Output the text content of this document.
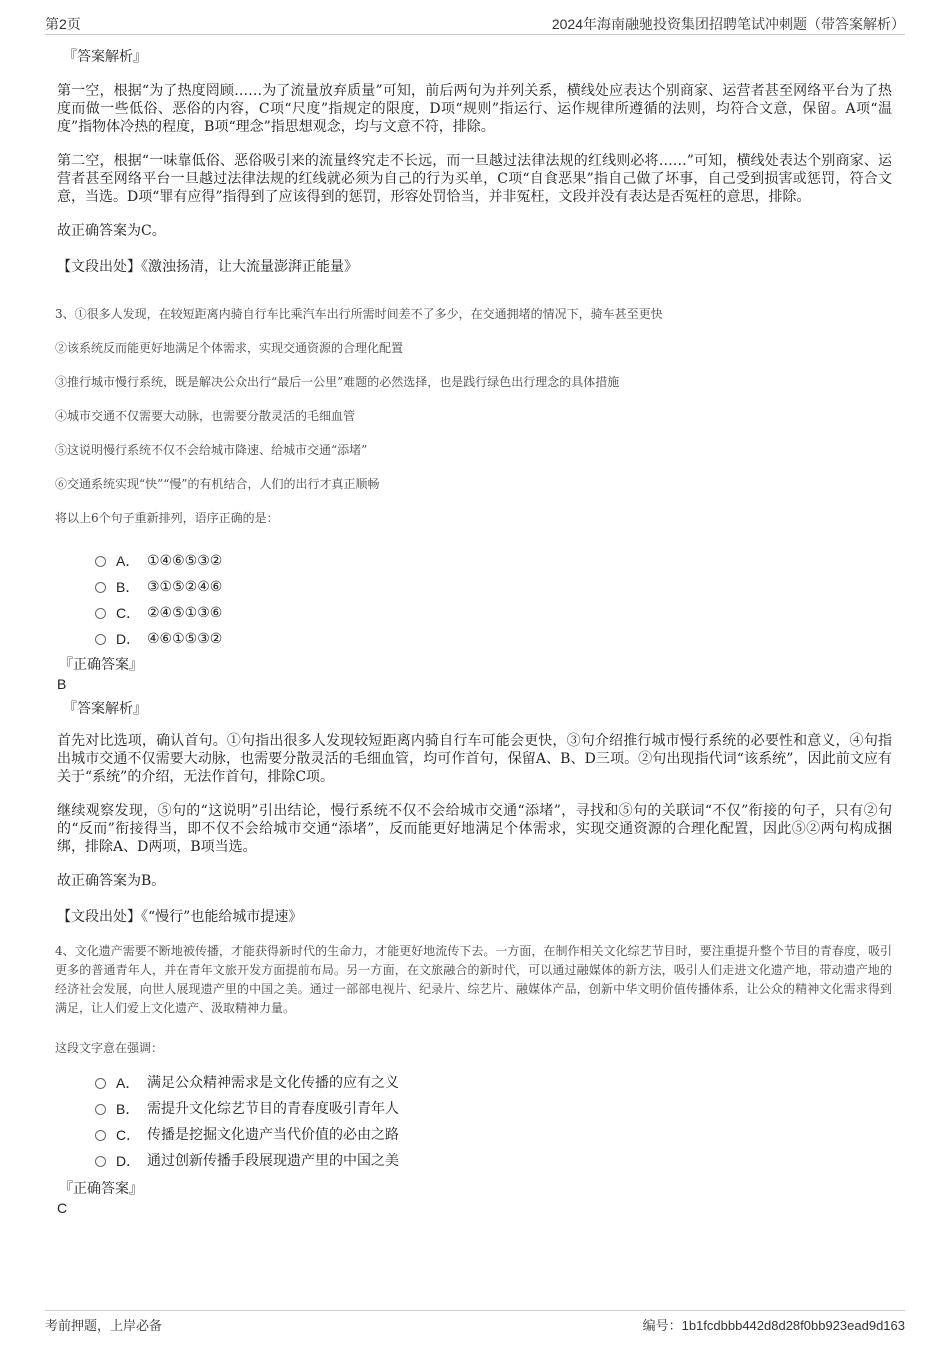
第2页	2024年海南融驰投资集团招聘笔试冲刺题（带答案解析）
『答案解析』
第一空，根据“为了热度罔顾……为了流量放弃质量”可知，前后两句为并列关系，横线处应表达个别商家、运营者甚至网络平台为了热度而做一些低俗、恶俗的内容，C项“尺度”指规定的限度，D项“规则”指运行、运作规律所遵循的法则，均符合文意，保留。A项“温度”指物体冷热的程度，B项“理念”指思想观念，均与文意不符，排除。
第二空，根据“一味靠低俗、恶俗吸引来的流量终究走不长远，而一旦越过法律法规的红线则必将……”可知，横线处表达个别商家、运营者甚至网络平台一旦越过法律法规的红线就必须为自己的行为买单，C项“自食恶果”指自己做了坏事，自己受到损害或惩罚，符合文意，当选。D项“罪有应得”指得到了应该得到的惩罚，形容处罚恰当，并非冤枉，文段并没有表达是否冤枉的意思，排除。
故正确答案为C。
【文段出处】《激浊扬清，让大流量澎湃正能量》
3、①很多人发现，在较短距离内骑自行车比乘汽车出行所需时间差不了多少，在交通拥堵的情况下，骑车甚至更快
②该系统反而能更好地满足个体需求，实现交通资源的合理化配置
③推行城市慢行系统，既是解决公众出行“最后一公里”难题的必然选择，也是践行绿色出行理念的具体措施
④城市交通不仅需要大动脉，也需要分散灵活的毛细血管
⑤这说明慢行系统不仅不会给城市降速、给城市交通“添堵”
⑥交通系统实现“快”“慢”的有机结合，人们的出行才真正顺畅
将以上6个句子重新排列，语序正确的是：
A． ①④⑥⑤③②
B． ③①⑤②④⑥
C． ②④⑤①③⑥
D． ④⑥①⑤③②
『正确答案』
B
『答案解析』
首先对比选项，确认首句。①句指出很多人发现较短距离内骑自行车可能会更快，③句介绍推行城市慢行系统的必要性和意义，④句指出城市交通不仅需要大动脉，也需要分散灵活的毛细血管，均可作首句，保留A、B、D三项。②句出现指代词“该系统”，因此前文应有关于“系统”的介绍，无法作首句，排除C项。
继续观察发现，⑤句的“这说明”引出结论，慢行系统不仅不会给城市交通“添堵”，寻找和⑤句的关联词“不仅”衔接的句子，只有②句的“反而”衔接得当，即不仅不会给城市交通“添堵”，反而能更好地满足个体需求，实现交通资源的合理化配置，因此⑤②两句构成捆绑，排除A、D两项，B项当选。
故正确答案为B。
【文段出处】《“慢行”也能给城市提速》
4、文化遗产需要不断地被传播，才能获得新时代的生命力，才能更好地流传下去。一方面，在制作相关文化综艺节目时，要注重提升整个节目的青春度，吸引更多的普通青年人，并在青年文旅开发方面提前布局。另一方面，在文旅融合的新时代，可以通过融媒体的新方法，吸引人们走进文化遗产地，带动遗产地的经济社会发展，向世人展现遗产里的中国之美。通过一部部电视片、纪录片、综艺片、融媒体产品，创新中华文明价值传播体系，让公众的精神文化需求得到满足，让人们爱上文化遗产、汲取精神力量。
这段文字意在强调：
A． 满足公众精神需求是文化传播的应有之义
B． 需提升文化综艺节目的青春度吸引青年人
C． 传播是挖掘文化遗产当代价值的必由之路
D． 通过创新传播手段展现遗产里的中国之美
『正确答案』
C
考前押题，上岸必备	编号：1b1fcdbbb442d8d28f0bb923ead9d163
